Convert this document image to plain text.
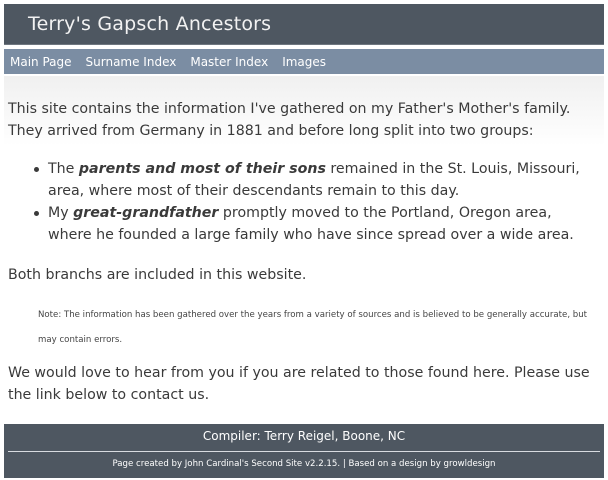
Terry's Gapsch Ancestors
Main Page Surname Index Master Index Images

This site contains the information I've gathered on my Father's Mother's family. They arrived from Germany in 1881 and before long split into two groups:

The parents and most of their sons remained in the St. Louis, Missouri, area, where most of their descendants remain to this day.
My great-grandfather promptly moved to the Portland, Oregon area, where he founded a large family who have since spread over a wide area.

Both branchs are included in this website.

Note: The information has been gathered over the years from a variety of sources and is believed to be generally accurate, but may contain errors.

We would love to hear from you if you are related to those found here. Please use the link below to contact us.

Compiler: Terry Reigel, Boone, NC
Page created by John Cardinal's Second Site v2.2.15. | Based on a design by growldesign
